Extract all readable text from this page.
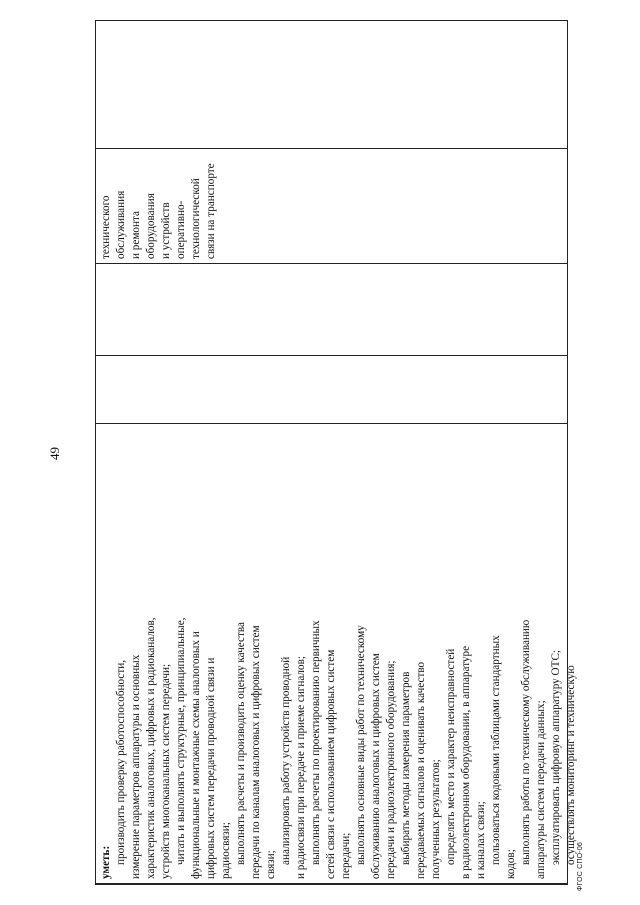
49
уметь: производить проверку работоспособности, измерение параметров аппаратуры и основных характеристик аналоговых, цифровых и радиоканалов, устройств многоканальных систем передачи; читать и выполнять структурные, принципиальные, функциональные и монтажные схемы аналоговых и цифровых систем передачи проводной связи и радиосвязи; выполнять расчеты и производить оценку качества передачи по каналам аналоговых и цифровых систем связи; анализировать работу устройств проводной и радиосвязи при передаче и приеме сигналов; выполнять расчеты по проектированию первичных сетей связи с использованием цифровых систем передачи; выполнять основные виды работ по техническому обслуживанию аналоговых и цифровых систем передачи и радиоэлектронного оборудования; выбирать методы измерения параметров передаваемых сигналов и оценивать качество полученных результатов; определять место и характер неисправностей в радиоэлектронном оборудовании, в аппаратуре и каналах связи; пользоваться кодовыми таблицами стандартных кодов; выполнять работы по техническому обслуживанию аппаратуры систем передачи данных; эксплуатировать цифровую аппаратуру ОТС; осуществлять мониторинг и техническую
технического обслуживания и ремонта оборудования и устройств оперативно- технологической связи на транспорте
ФГОС СПО-06
